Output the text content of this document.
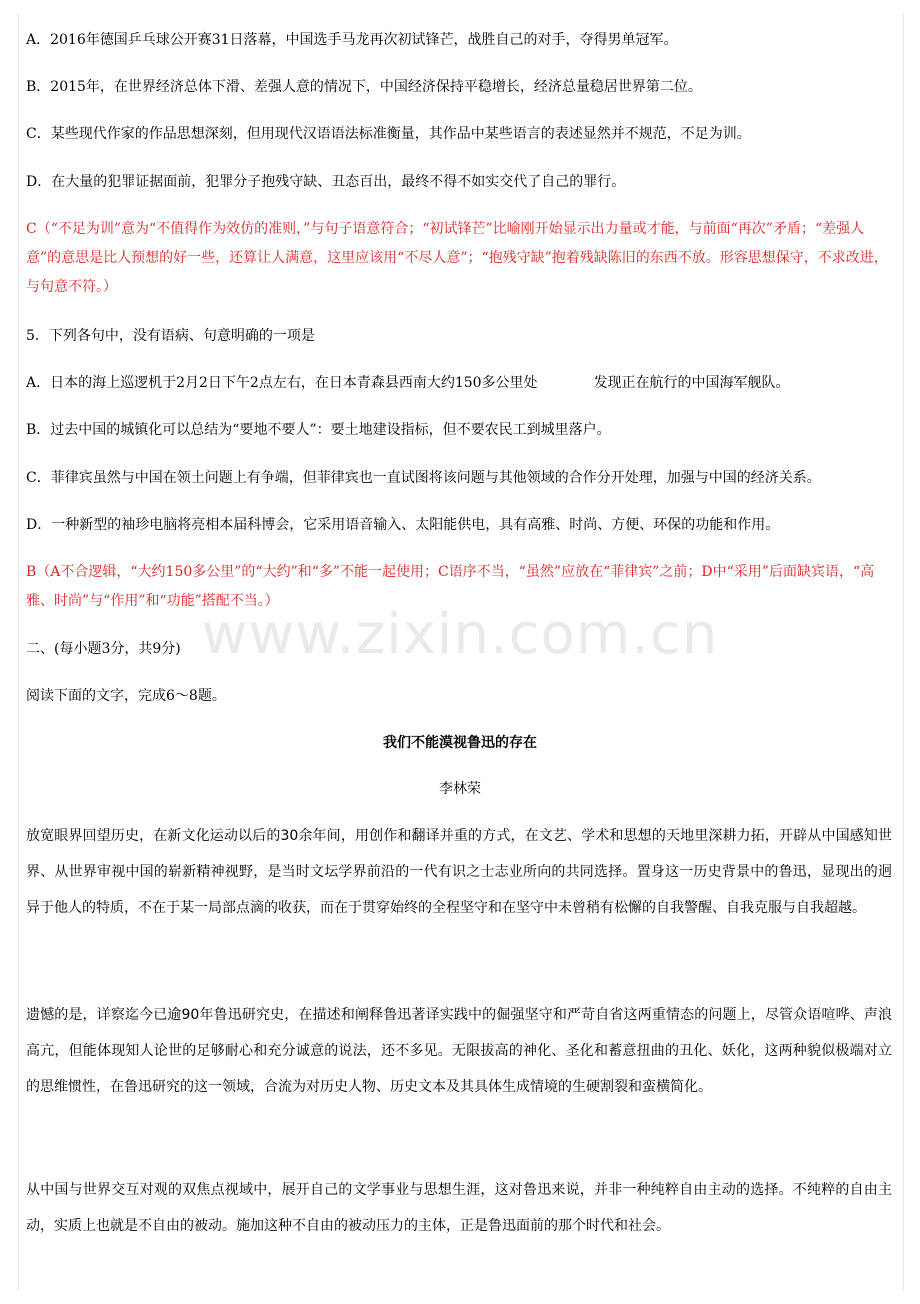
www.zixin.com.cn
A．2016年德国乒乓球公开赛31日落幕，中国选手马龙再次初试锋芒，战胜自己的对手，夺得男单冠军。
B．2015年，在世界经济总体下滑、差强人意的情况下，中国经济保持平稳增长，经济总量稳居世界第二位。
C．某些现代作家的作品思想深刻，但用现代汉语语法标准衡量，其作品中某些语言的表述显然并不规范，不足为训。
D．在大量的犯罪证据面前，犯罪分子抱残守缺、丑态百出，最终不得不如实交代了自己的罪行。
C（“不足为训”意为“不值得作为效仿的准则，”与句子语意符合；“初试锋芒”比喻刚开始显示出力量或才能，与前面“再次”矛盾；“差强人意”的意思是比人预想的好一些，还算让人满意，这里应该用“不尽人意”；“抱残守缺”抱着残缺陈旧的东西不放。形容思想保守，不求改进，与句意不符。）
5．下列各句中，没有语病、句意明确的一项是
A．日本的海上巡逻机于2月2日下午2点左右，在日本青森县西南大约150多公里处	发现正在航行的中国海军舰队。
B．过去中国的城镇化可以总结为“要地不要人”：要土地建设指标，但不要农民工到城里落户。
C．菲律宾虽然与中国在领土问题上有争端，但菲律宾也一直试图将该问题与其他领域的合作分开处理，加强与中国的经济关系。
D．一种新型的袖珍电脑将亮相本届科博会，它采用语音输入、太阳能供电，具有高雅、时尚、方便、环保的功能和作用。
B（A不合逻辑，“大约150多公里”的“大约”和“多”不能一起使用；C语序不当，“虽然”应放在“菲律宾”之前；D中“采用”后面缺宾语，“高雅、时尚”与“作用”和“功能”搭配不当。）
二、(每小题3分，共9分)
阅读下面的文字，完成6～8题。
我们不能漠视鲁迅的存在
李林荣
放宽眼界回望历史，在新文化运动以后的30余年间，用创作和翻译并重的方式，在文艺、学术和思想的天地里深耕力拓，开辟从中国感知世界、从世界审视中国的崭新精神视野，是当时文坛学界前沿的一代有识之士志业所向的共同选择。置身这一历史背景中的鲁迅，显现出的迥异于他人的特质，不在于某一局部点滴的收获，而在于贯穿始终的全程坚守和在坚守中未曾稍有松懈的自我警醒、自我克服与自我超越。
遗憾的是，详察迄今已逾90年鲁迅研究史，在描述和阐释鲁迅著译实践中的倔强坚守和严苛自省这两重情态的问题上，尽管众语喧哗、声浪高亢，但能体现知人论世的足够耐心和充分诚意的说法，还不多见。无限拔高的神化、圣化和蓄意扭曲的丑化、妖化，这两种貌似极端对立的思维惯性，在鲁迅研究的这一领域，合流为对历史人物、历史文本及其具体生成情境的生硬割裂和蛮横简化。
从中国与世界交互对观的双焦点视域中，展开自己的文学事业与思想生涯，这对鲁迅来说，并非一种纯粹自由主动的选择。不纯粹的自由主动，实质上也就是不自由的被动。施加这种不自由的被动压力的主体，正是鲁迅面前的那个时代和社会。
